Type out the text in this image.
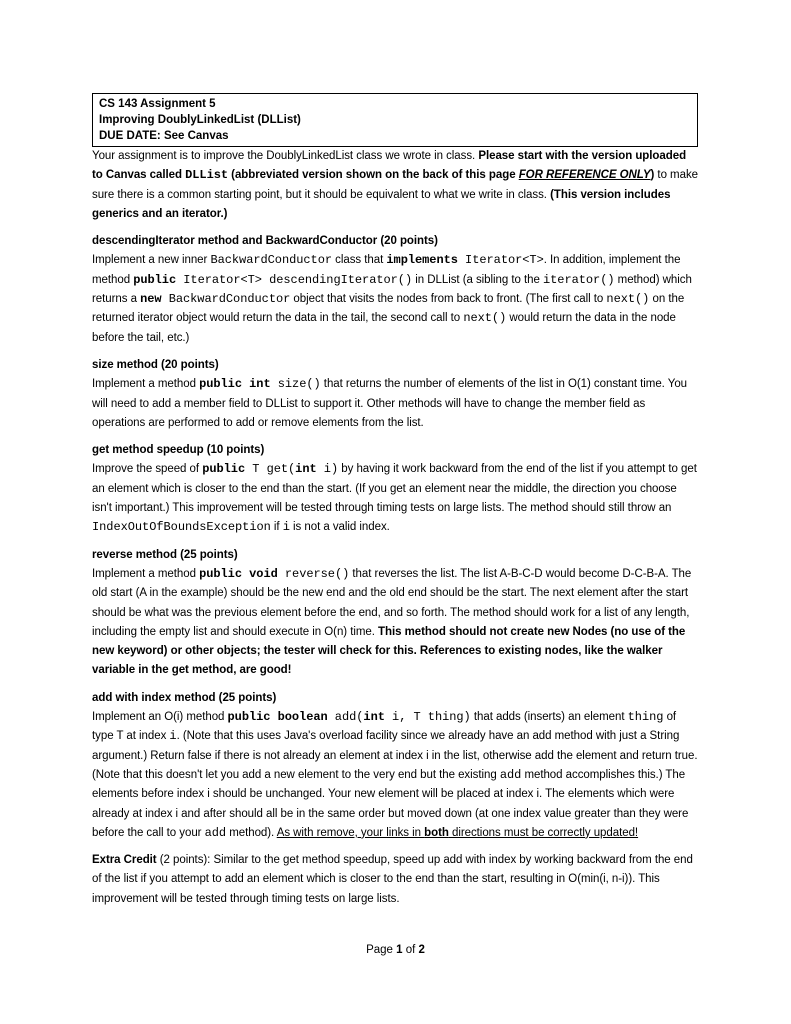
CS 143 Assignment 5
Improving DoublyLinkedList (DLList)
DUE DATE: See Canvas
Your assignment is to improve the DoublyLinkedList class we wrote in class. Please start with the version uploaded to Canvas called DLList (abbreviated version shown on the back of this page FOR REFERENCE ONLY) to make sure there is a common starting point, but it should be equivalent to what we write in class. (This version includes generics and an iterator.)
descendingIterator method and BackwardConductor (20 points)
Implement a new inner BackwardConductor class that implements Iterator<T>. In addition, implement the method public Iterator<T> descendingIterator() in DLList (a sibling to the iterator() method) which returns a new BackwardConductor object that visits the nodes from back to front. (The first call to next() on the returned iterator object would return the data in the tail, the second call to next() would return the data in the node before the tail, etc.)
size method (20 points)
Implement a method public int size() that returns the number of elements of the list in O(1) constant time. You will need to add a member field to DLList to support it. Other methods will have to change the member field as operations are performed to add or remove elements from the list.
get method speedup (10 points)
Improve the speed of public T get(int i) by having it work backward from the end of the list if you attempt to get an element which is closer to the end than the start. (If you get an element near the middle, the direction you choose isn't important.) This improvement will be tested through timing tests on large lists. The method should still throw an IndexOutOfBoundsException if i is not a valid index.
reverse method (25 points)
Implement a method public void reverse() that reverses the list. The list A-B-C-D would become D-C-B-A. The old start (A in the example) should be the new end and the old end should be the start. The next element after the start should be what was the previous element before the end, and so forth. The method should work for a list of any length, including the empty list and should execute in O(n) time. This method should not create new Nodes (no use of the new keyword) or other objects; the tester will check for this. References to existing nodes, like the walker variable in the get method, are good!
add with index method (25 points)
Implement an O(i) method public boolean add(int i, T thing) that adds (inserts) an element thing of type T at index i. (Note that this uses Java's overload facility since we already have an add method with just a String argument.) Return false if there is not already an element at index i in the list, otherwise add the element and return true. (Note that this doesn't let you add a new element to the very end but the existing add method accomplishes this.) The elements before index i should be unchanged. Your new element will be placed at index i. The elements which were already at index i and after should all be in the same order but moved down (at one index value greater than they were before the call to your add method). As with remove, your links in both directions must be correctly updated!
Extra Credit (2 points): Similar to the get method speedup, speed up add with index by working backward from the end of the list if you attempt to add an element which is closer to the end than the start, resulting in O(min(i, n-i)). This improvement will be tested through timing tests on large lists.
Page 1 of 2
